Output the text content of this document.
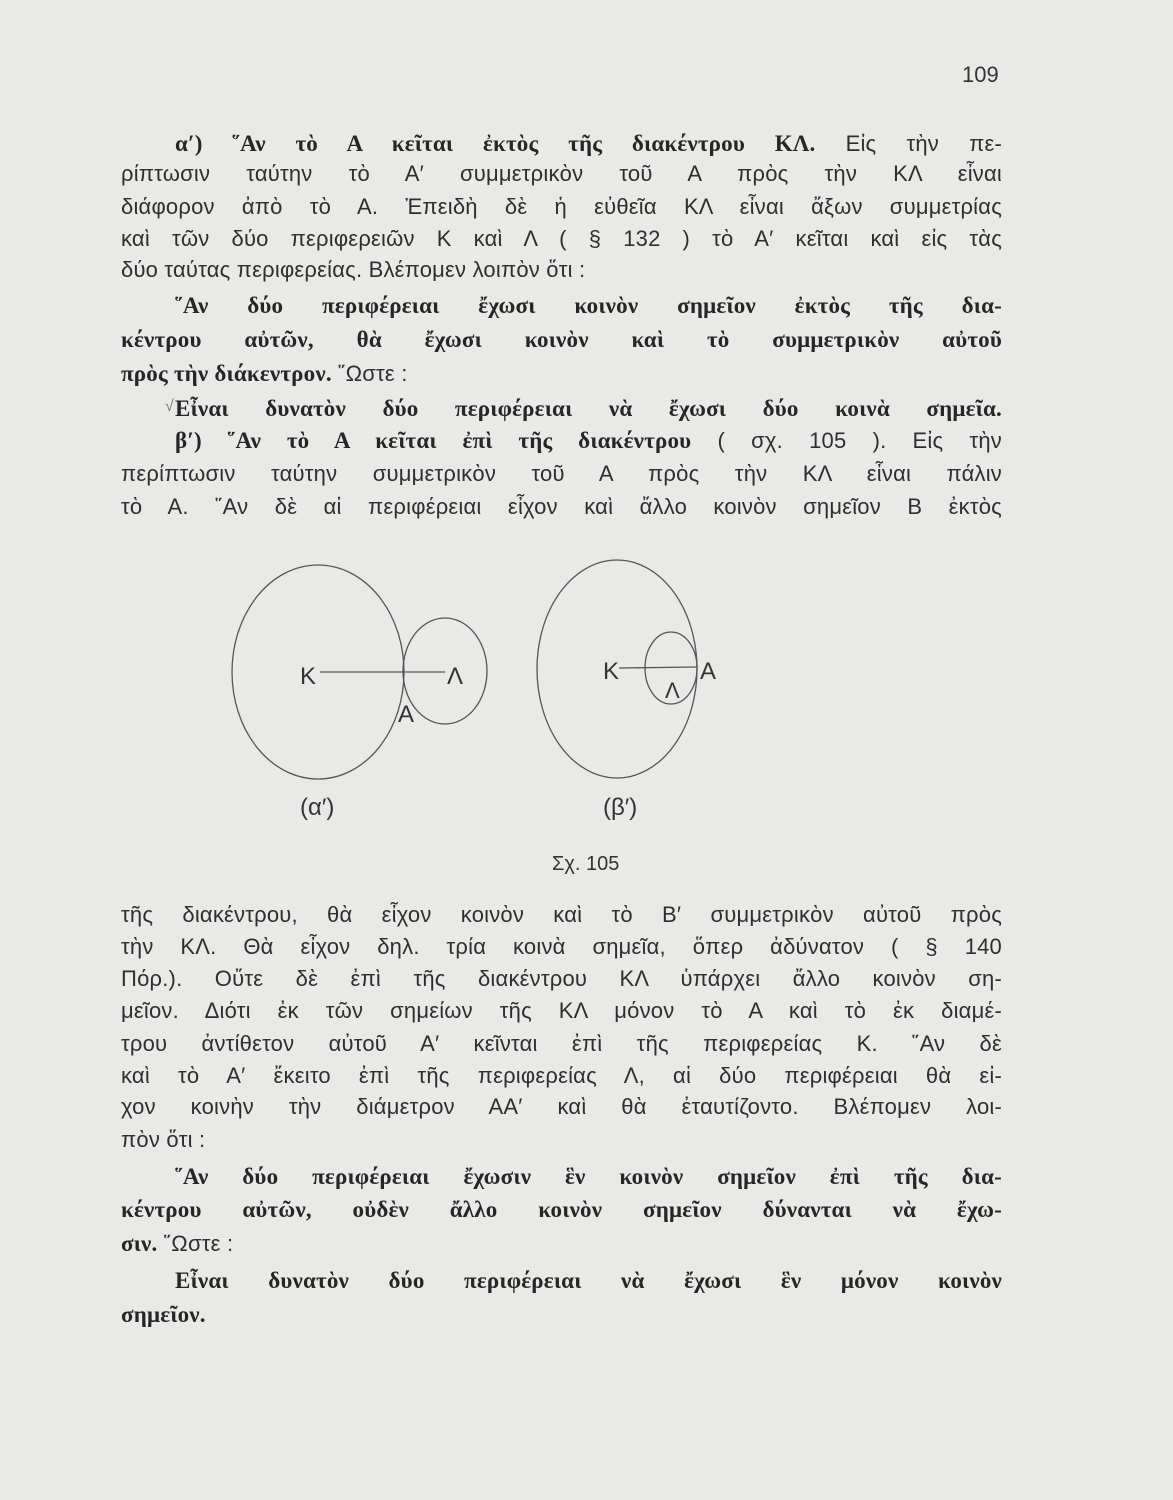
109
√
α′) ῞Αν τὸ Α κεῖται ἐκτὸς τῆς διακέντρου ΚΛ. Εἰς τὴν πε-
ρίπτωσιν ταύτην τὸ Α′ συμμετρικὸν τοῦ Α πρὸς τὴν ΚΛ εἶναι
διάφορον ἀπὸ τὸ Α. Ἐπειδὴ δὲ ἡ εὐθεῖα ΚΛ εἶναι ἄξων συμμετρίας
καὶ τῶν δύο περιφερειῶν Κ καὶ Λ ( § 132 ) τὸ Α′ κεῖται καὶ εἰς τὰς
δύο ταύτας περιφερείας. Βλέπομεν λοιπὸν ὅτι :
῞Αν δύο περιφέρειαι ἔχωσι κοινὸν σημεῖον ἐκτὸς τῆς δια-
κέντρου αὐτῶν, θὰ ἔχωσι κοινὸν καὶ τὸ συμμετρικὸν αὐτοῦ
πρὸς τὴν διάκεντρον. ῞Ωστε :
Εἶναι δυνατὸν δύο περιφέρειαι νὰ ἔχωσι δύο κοινὰ σημεῖα.
β′) ῞Αν τὸ Α κεῖται ἐπὶ τῆς διακέντρου ( σχ. 105 ). Εἰς τὴν
περίπτωσιν ταύτην συμμετρικὸν τοῦ Α πρὸς τὴν ΚΛ εἶναι πάλιν
τὸ Α. ῞Αν δὲ αἱ περιφέρειαι εἶχον καὶ ἄλλο κοινὸν σημεῖον Β ἐκτὸς
τῆς διακέντρου, θὰ εἶχον κοινὸν καὶ τὸ Β′ συμμετρικὸν αὐτοῦ πρὸς
τὴν ΚΛ. Θὰ εἶχον δηλ. τρία κοινὰ σημεῖα, ὅπερ ἀδύνατον ( § 140
Πόρ.). Οὔτε δὲ ἐπὶ τῆς διακέντρου ΚΛ ὑπάρχει ἄλλο κοινὸν ση-
μεῖον. Διότι ἐκ τῶν σημείων τῆς ΚΛ μόνον τὸ Α καὶ τὸ ἐκ διαμέ-
τρου ἀντίθετον αὐτοῦ Α′ κεῖνται ἐπὶ τῆς περιφερείας Κ. ῞Αν δὲ
καὶ τὸ Α′ ἔκειτο ἐπὶ τῆς περιφερείας Λ, αἱ δύο περιφέρειαι θὰ εἰ-
χον κοινὴν τὴν διάμετρον ΑΑ′ καὶ θὰ ἐταυτίζοντο. Βλέπομεν λοι-
πὸν ὅτι :
῞Αν δύο περιφέρειαι ἔχωσιν ἓν κοινὸν σημεῖον ἐπὶ τῆς δια-
κέντρου αὐτῶν, οὐδὲν ἄλλο κοινὸν σημεῖον δύνανται νὰ ἔχω-
σιν. ῞Ωστε :
Εἶναι δυνατὸν δύο περιφέρειαι νὰ ἔχωσι ἓν μόνον κοινὸν
σημεῖον.
Κ	Λ
Α
(α′)
Κ
Λ
Α
(β′)
Σχ. 105
